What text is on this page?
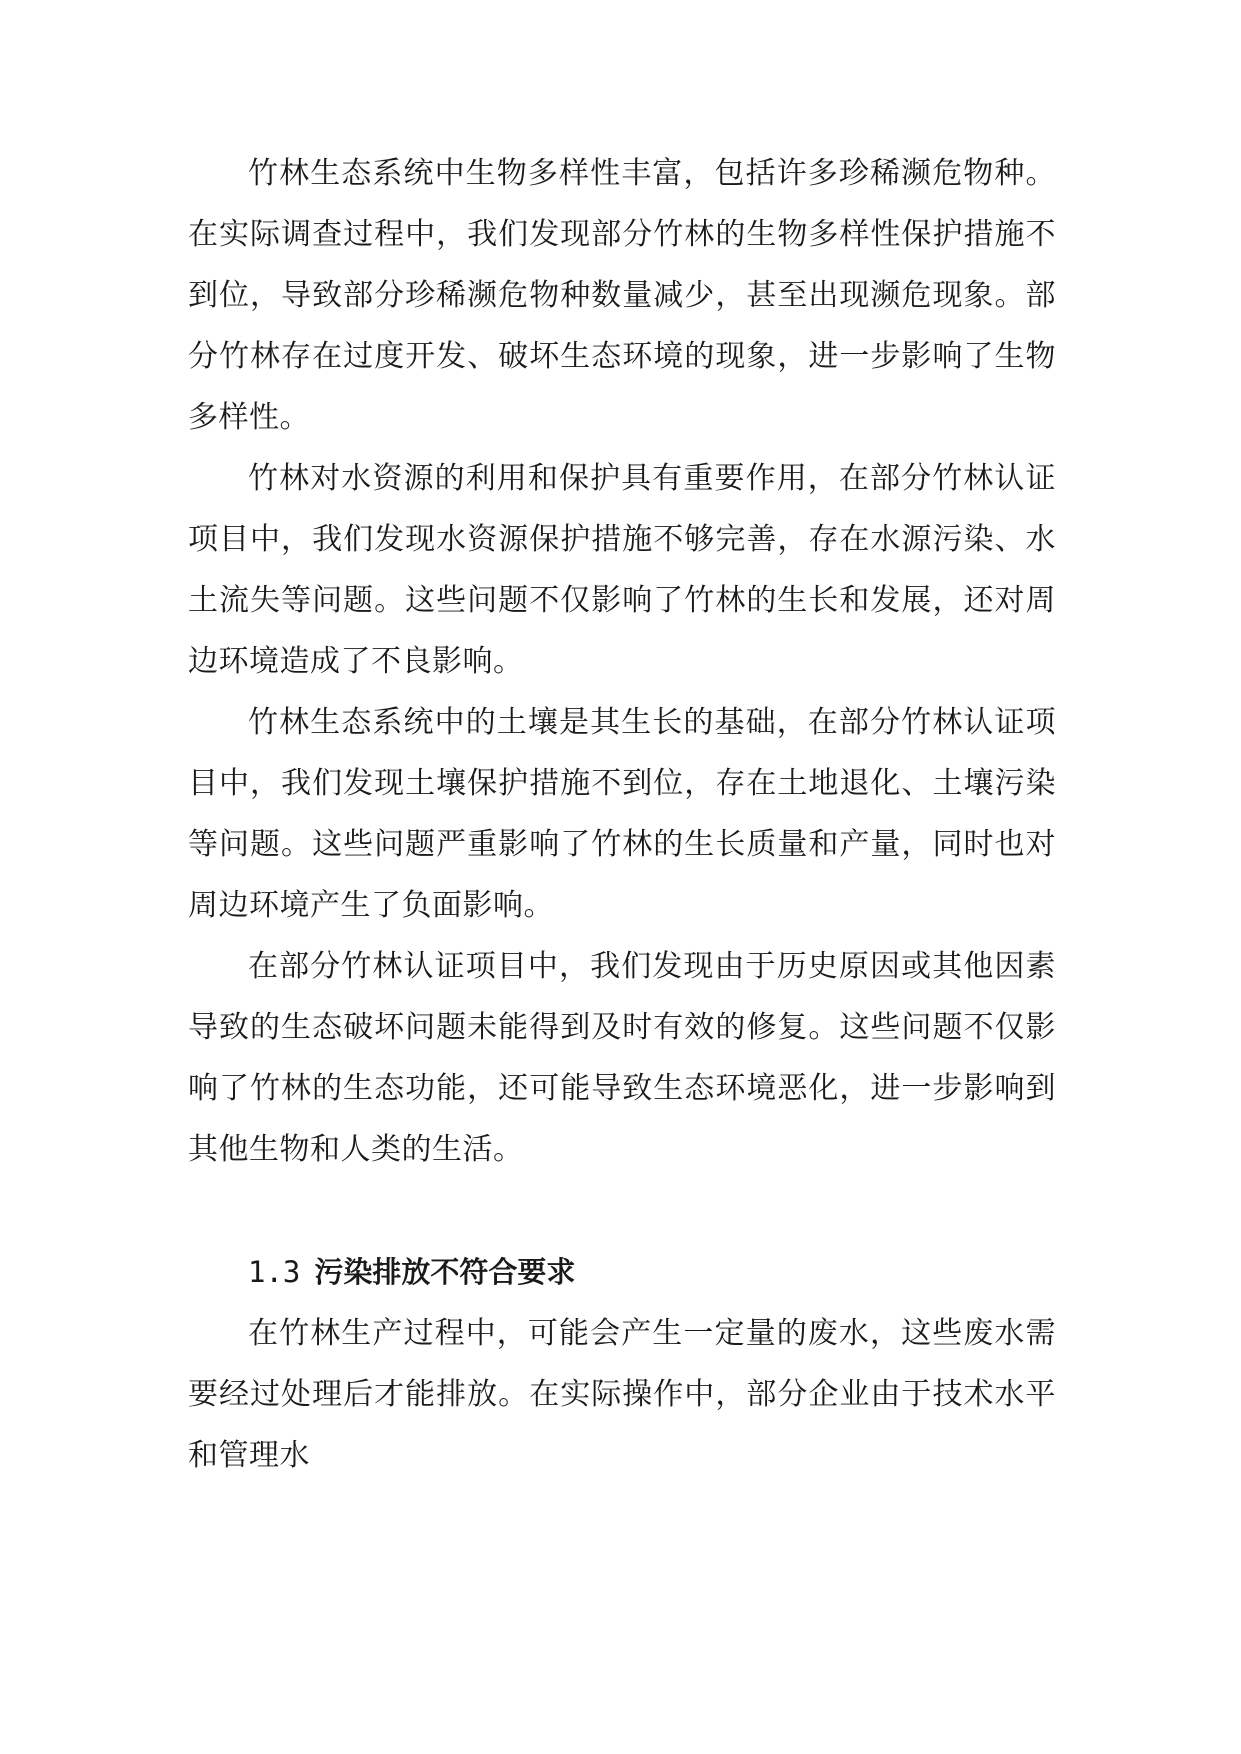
竹林生态系统中生物多样性丰富，包括许多珍稀濒危物种。在实际调查过程中，我们发现部分竹林的生物多样性保护措施不到位，导致部分珍稀濒危物种数量减少，甚至出现濒危现象。部分竹林存在过度开发、破坏生态环境的现象，进一步影响了生物多样性。

竹林对水资源的利用和保护具有重要作用，在部分竹林认证项目中，我们发现水资源保护措施不够完善，存在水源污染、水土流失等问题。这些问题不仅影响了竹林的生长和发展，还对周边环境造成了不良影响。

竹林生态系统中的土壤是其生长的基础，在部分竹林认证项目中，我们发现土壤保护措施不到位，存在土地退化、土壤污染等问题。这些问题严重影响了竹林的生长质量和产量，同时也对周边环境产生了负面影响。

在部分竹林认证项目中，我们发现由于历史原因或其他因素导致的生态破坏问题未能得到及时有效的修复。这些问题不仅影响了竹林的生态功能，还可能导致生态环境恶化，进一步影响到其他生物和人类的生活。

1.3 污染排放不符合要求

在竹林生产过程中，可能会产生一定量的废水，这些废水需要经过处理后才能排放。在实际操作中，部分企业由于技术水平和管理水
